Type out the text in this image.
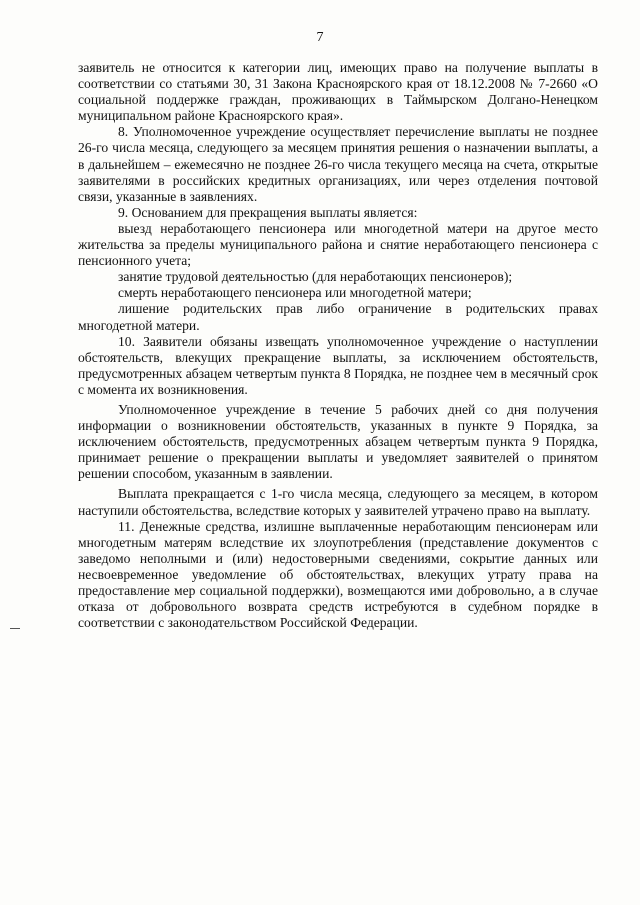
7

заявитель не относится к категории лиц, имеющих право на получение выплаты в соответствии со статьями 30, 31 Закона Красноярского края от 18.12.2008 № 7-2660 «О социальной поддержке граждан, проживающих в Таймырском Долгано-Ненецком муниципальном районе Красноярского края».

8. Уполномоченное учреждение осуществляет перечисление выплаты не позднее 26-го числа месяца, следующего за месяцем принятия решения о назначении выплаты, а в дальнейшем – ежемесячно не позднее 26-го числа текущего месяца на счета, открытые заявителями в российских кредитных организациях, или через отделения почтовой связи, указанные в заявлениях.

9. Основанием для прекращения выплаты является:

выезд неработающего пенсионера или многодетной матери на другое место жительства за пределы муниципального района и снятие неработающего пенсионера с пенсионного учета;

занятие трудовой деятельностью (для неработающих пенсионеров);

смерть неработающего пенсионера или многодетной матери;

лишение родительских прав либо ограничение в родительских правах многодетной матери.

10. Заявители обязаны извещать уполномоченное учреждение о наступлении обстоятельств, влекущих прекращение выплаты, за исключением обстоятельств, предусмотренных абзацем четвертым пункта 8 Порядка, не позднее чем в месячный срок с момента их возникновения.

Уполномоченное учреждение в течение 5 рабочих дней со дня получения информации о возникновении обстоятельств, указанных в пункте 9 Порядка, за исключением обстоятельств, предусмотренных абзацем четвертым пункта 9 Порядка, принимает решение о прекращении выплаты и уведомляет заявителей о принятом решении способом, указанным в заявлении.

Выплата прекращается с 1-го числа месяца, следующего за месяцем, в котором наступили обстоятельства, вследствие которых у заявителей утрачено право на выплату.

11. Денежные средства, излишне выплаченные неработающим пенсионерам или многодетным матерям вследствие их злоупотребления (представление документов с заведомо неполными и (или) недостоверными сведениями, сокрытие данных или несвоевременное уведомление об обстоятельствах, влекущих утрату права на предоставление мер социальной поддержки), возмещаются ими добровольно, а в случае отказа от добровольного возврата средств истребуются в судебном порядке в соответствии с законодательством Российской Федерации.
